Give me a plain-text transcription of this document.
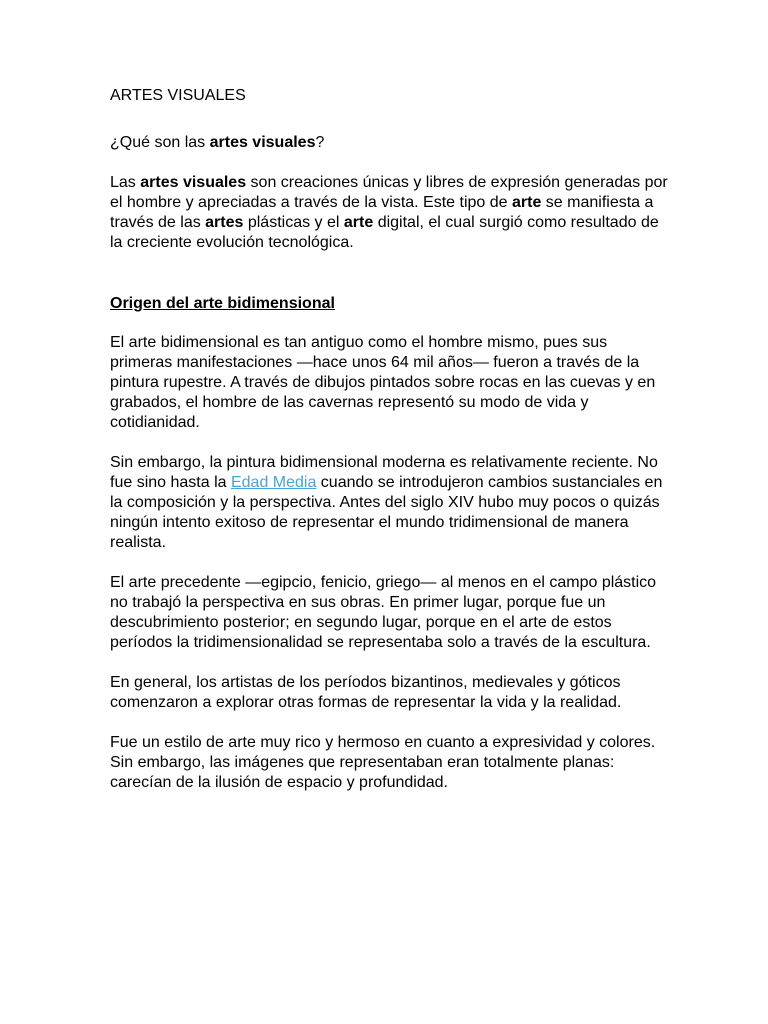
ARTES VISUALES

¿Qué son las artes visuales?

Las artes visuales son creaciones únicas y libres de expresión generadas por el hombre y apreciadas a través de la vista. Este tipo de arte se manifiesta a través de las artes plásticas y el arte digital, el cual surgió como resultado de la creciente evolución tecnológica.

Origen del arte bidimensional

El arte bidimensional es tan antiguo como el hombre mismo, pues sus primeras manifestaciones —hace unos 64 mil años— fueron a través de la pintura rupestre. A través de dibujos pintados sobre rocas en las cuevas y en grabados, el hombre de las cavernas representó su modo de vida y cotidianidad.

Sin embargo, la pintura bidimensional moderna es relativamente reciente. No fue sino hasta la Edad Media cuando se introdujeron cambios sustanciales en la composición y la perspectiva. Antes del siglo XIV hubo muy pocos o quizás ningún intento exitoso de representar el mundo tridimensional de manera realista.

El arte precedente —egipcio, fenicio, griego— al menos en el campo plástico no trabajó la perspectiva en sus obras. En primer lugar, porque fue un descubrimiento posterior; en segundo lugar, porque en el arte de estos períodos la tridimensionalidad se representaba solo a través de la escultura.

En general, los artistas de los períodos bizantinos, medievales y góticos comenzaron a explorar otras formas de representar la vida y la realidad.

Fue un estilo de arte muy rico y hermoso en cuanto a expresividad y colores. Sin embargo, las imágenes que representaban eran totalmente planas: carecían de la ilusión de espacio y profundidad.
